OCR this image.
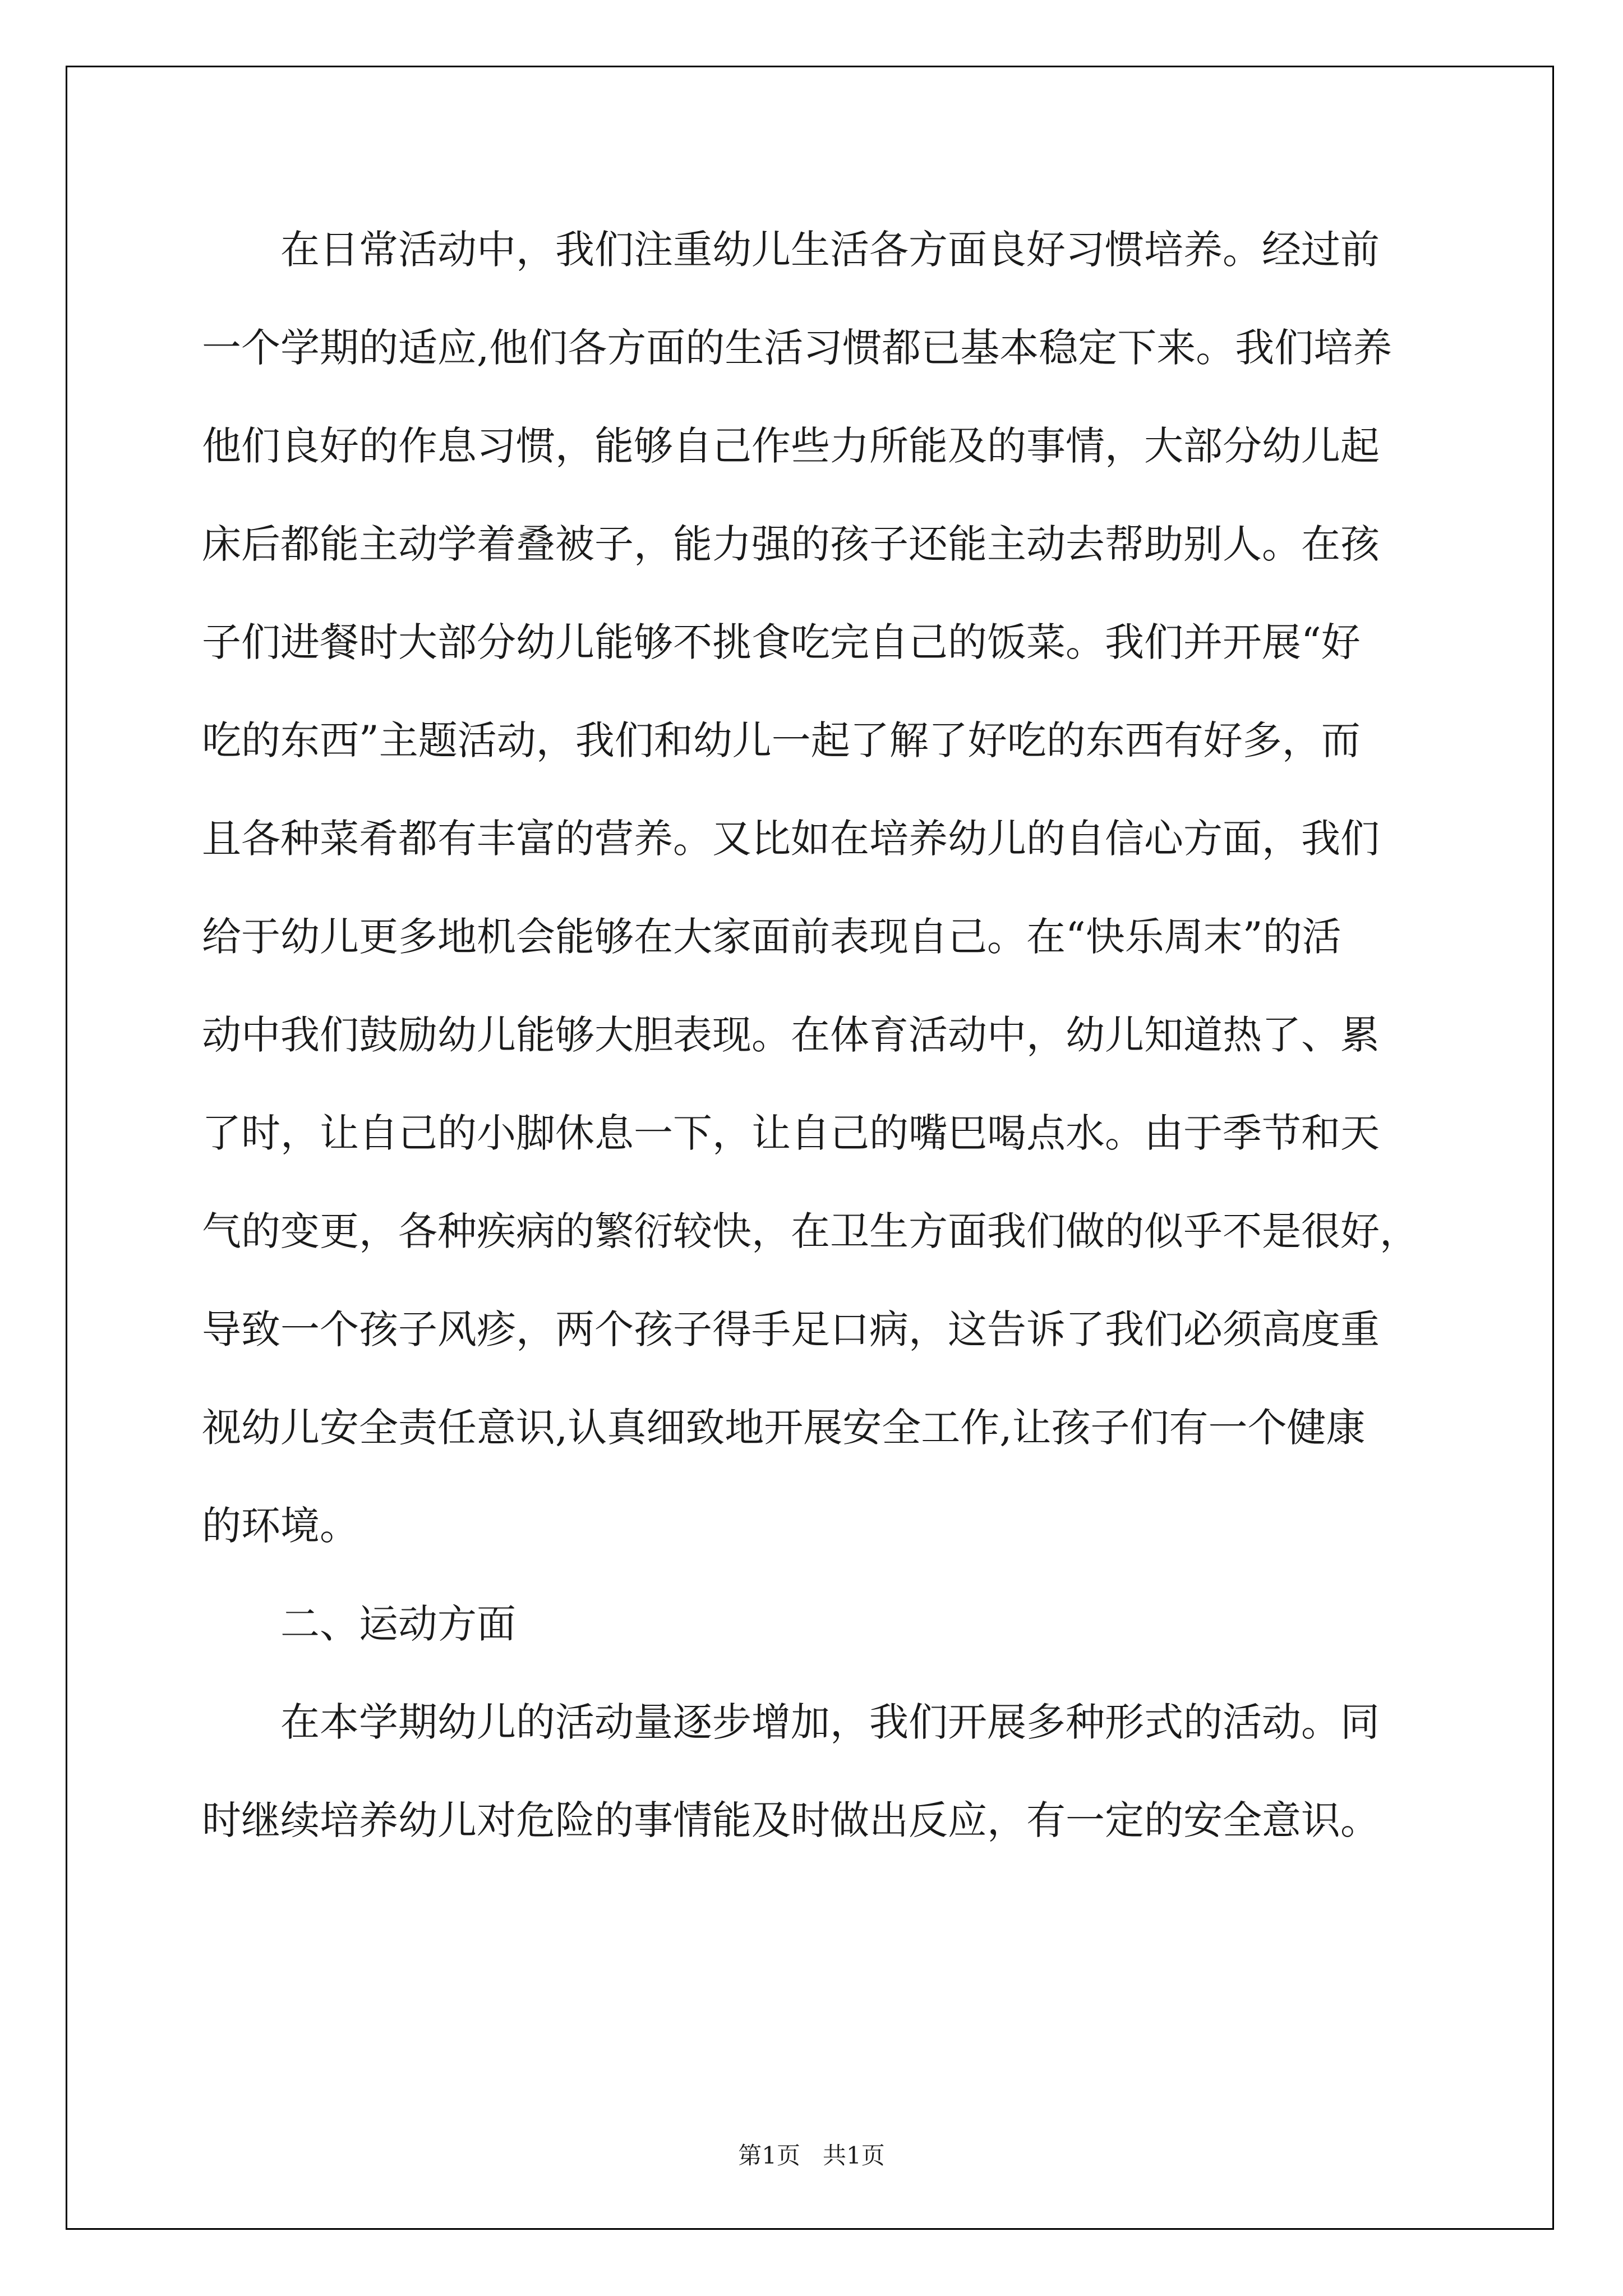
在日常活动中，我们注重幼儿生活各方面良好习惯培养。经过前
一个学期的适应,他们各方面的生活习惯都已基本稳定下来。我们培养
他们良好的作息习惯，能够自己作些力所能及的事情，大部分幼儿起
床后都能主动学着叠被子，能力强的孩子还能主动去帮助别人。在孩
子们进餐时大部分幼儿能够不挑食吃完自己的饭菜。我们并开展“好
吃的东西”主题活动，我们和幼儿一起了解了好吃的东西有好多，而
且各种菜肴都有丰富的营养。又比如在培养幼儿的自信心方面，我们
给于幼儿更多地机会能够在大家面前表现自己。在“快乐周末”的活
动中我们鼓励幼儿能够大胆表现。在体育活动中，幼儿知道热了、累
了时，让自己的小脚休息一下，让自己的嘴巴喝点水。由于季节和天
气的变更，各种疾病的繁衍较快，在卫生方面我们做的似乎不是很好，
导致一个孩子风疹，两个孩子得手足口病，这告诉了我们必须高度重
视幼儿安全责任意识,认真细致地开展安全工作,让孩子们有一个健康
的环境。
二、运动方面
在本学期幼儿的活动量逐步增加，我们开展多种形式的活动。同
时继续培养幼儿对危险的事情能及时做出反应，有一定的安全意识。
第1页   共1页
